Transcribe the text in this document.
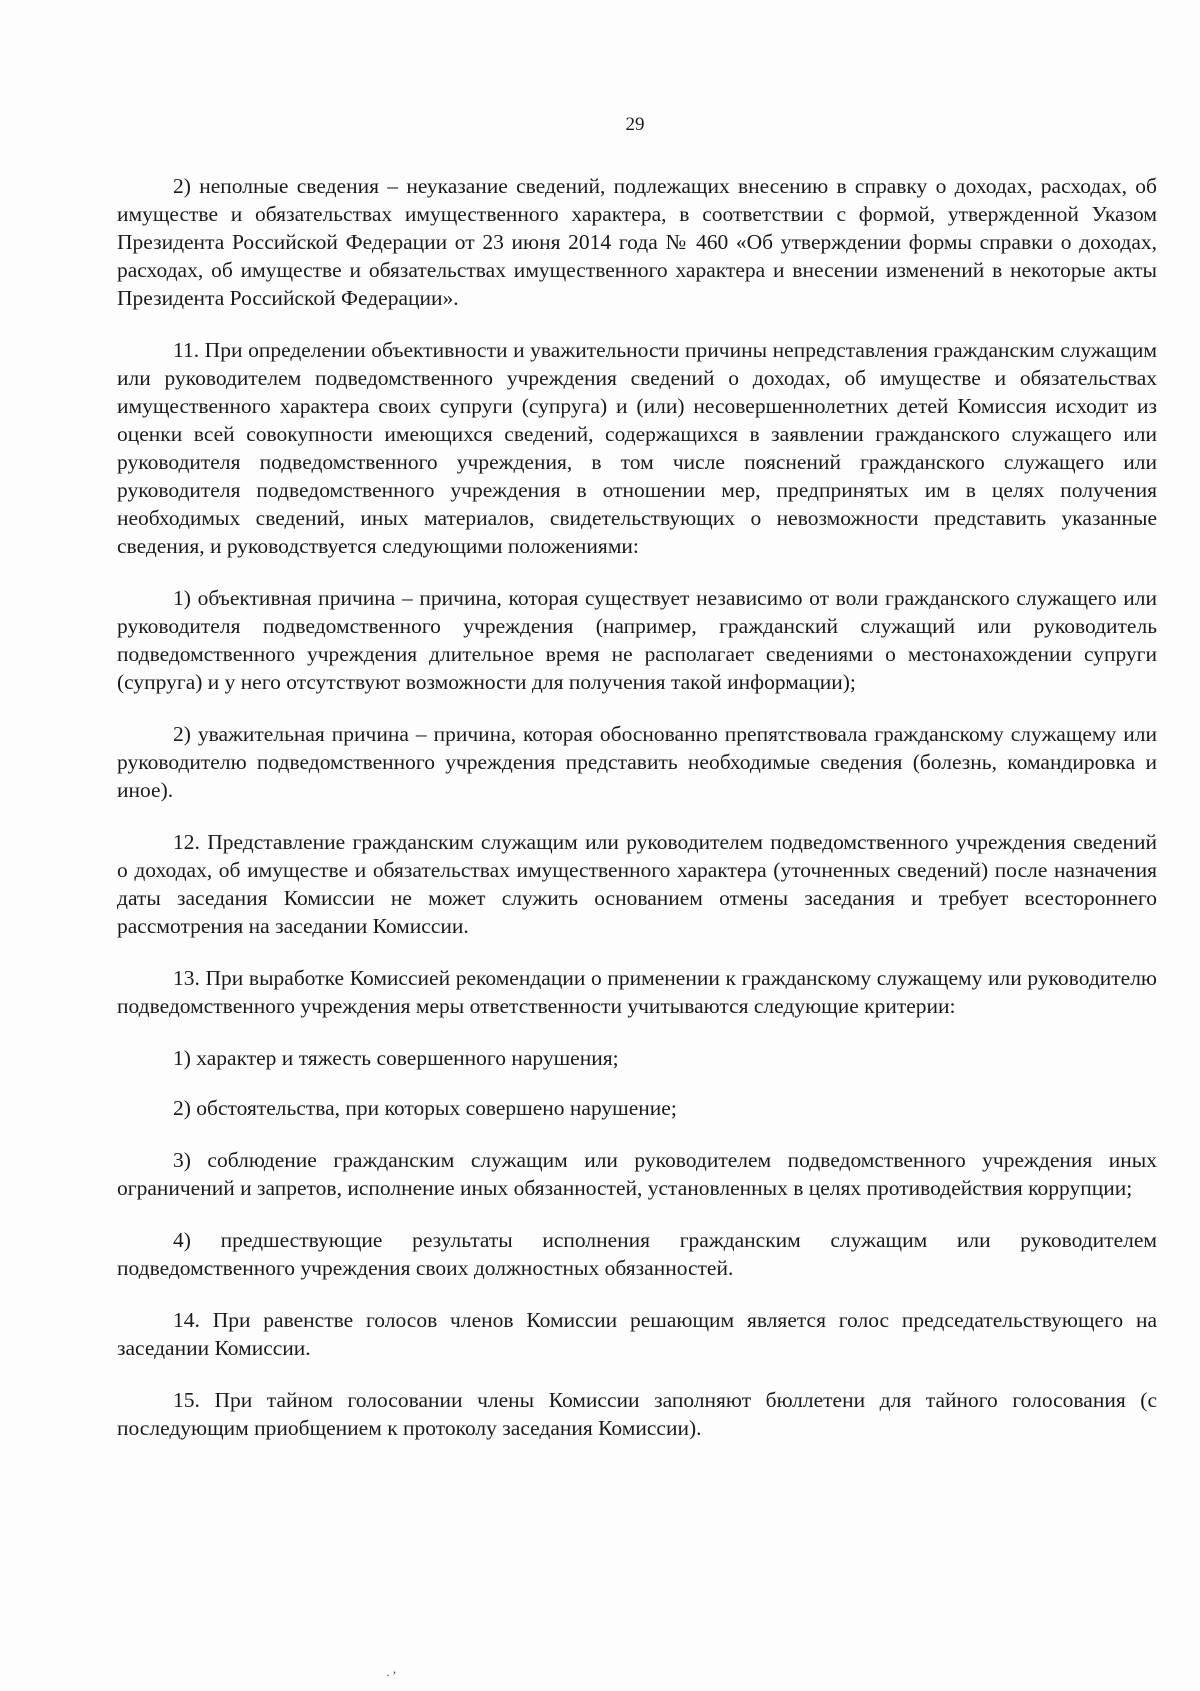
29

2) неполные сведения – неуказание сведений, подлежащих внесению в справку о доходах, расходах, об имуществе и обязательствах имущественного характера, в соответствии с формой, утвержденной Указом Президента Российской Федерации от 23 июня 2014 года № 460 «Об утверждении формы справки о доходах, расходах, об имуществе и обязательствах имущественного характера и внесении изменений в некоторые акты Президента Российской Федерации».

11. При определении объективности и уважительности причины непредставления гражданским служащим или руководителем подведомственного учреждения сведений о доходах, об имуществе и обязательствах имущественного характера своих супруги (супруга) и (или) несовершеннолетних детей Комиссия исходит из оценки всей совокупности имеющихся сведений, содержащихся в заявлении гражданского служащего или руководителя подведомственного учреждения, в том числе пояснений гражданского служащего или руководителя подведомственного учреждения в отношении мер, предпринятых им в целях получения необходимых сведений, иных материалов, свидетельствующих о невозможности представить указанные сведения, и руководствуется следующими положениями:

1) объективная причина – причина, которая существует независимо от воли гражданского служащего или руководителя подведомственного учреждения (например, гражданский служащий или руководитель подведомственного учреждения длительное время не располагает сведениями о местонахождении супруги (супруга) и у него отсутствуют возможности для получения такой информации);

2) уважительная причина – причина, которая обоснованно препятствовала гражданскому служащему или руководителю подведомственного учреждения представить необходимые сведения (болезнь, командировка и иное).

12. Представление гражданским служащим или руководителем подведомственного учреждения сведений о доходах, об имуществе и обязательствах имущественного характера (уточненных сведений) после назначения даты заседания Комиссии не может служить основанием отмены заседания и требует всестороннего рассмотрения на заседании Комиссии.

13. При выработке Комиссией рекомендации о применении к гражданскому служащему или руководителю подведомственного учреждения меры ответственности учитываются следующие критерии:

1) характер и тяжесть совершенного нарушения;

2) обстоятельства, при которых совершено нарушение;

3) соблюдение гражданским служащим или руководителем подведомственного учреждения иных ограничений и запретов, исполнение иных обязанностей, установленных в целях противодействия коррупции;

4) предшествующие результаты исполнения гражданским служащим или руководителем подведомственного учреждения своих должностных обязанностей.

14. При равенстве голосов членов Комиссии решающим является голос председательствующего на заседании Комиссии.

15. При тайном голосовании члены Комиссии заполняют бюллетени для тайного голосования (с последующим приобщением к протоколу заседания Комиссии).

· ’
